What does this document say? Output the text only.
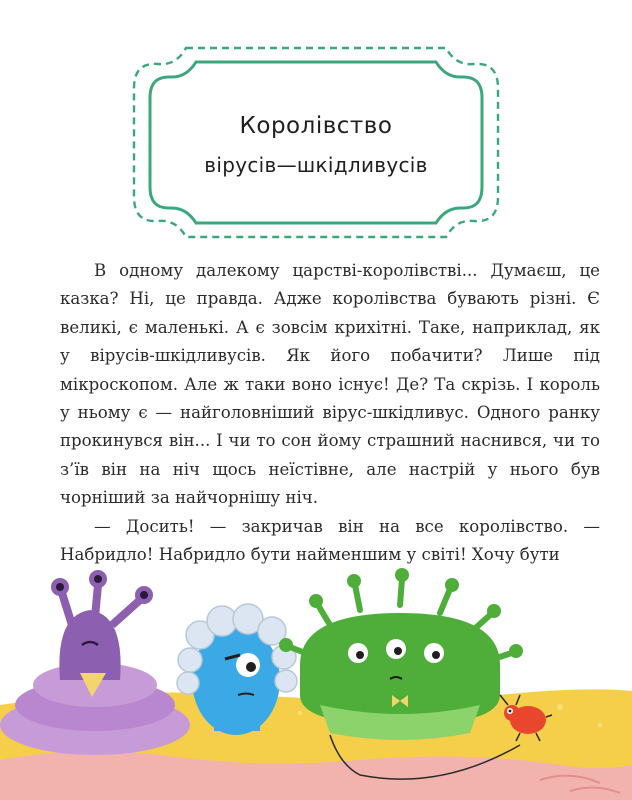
Королівство
вірусів—шкідливусів

В одному далекому царстві-королівстві... Думаєш, це казка? Ні, це правда. Адже королівства бувають різні. Є великі, є маленькі. А є зовсім крихітні. Таке, наприклад, як у вірусів-шкідливусів. Як його побачити? Лише під мікроскопом. Але ж таки воно існує! Де? Та скрізь. І король у ньому є — найголовніший вірус-шкідливус. Одного ранку прокинувся він... І чи то сон йому страшний наснився, чи то з’їв він на ніч щось неїстівне, але настрій у нього був чорніший за найчорнішу ніч.

— Досить! — закричав він на все королівство. — Набридло! Набридло бути найменшим у світі! Хочу бути
